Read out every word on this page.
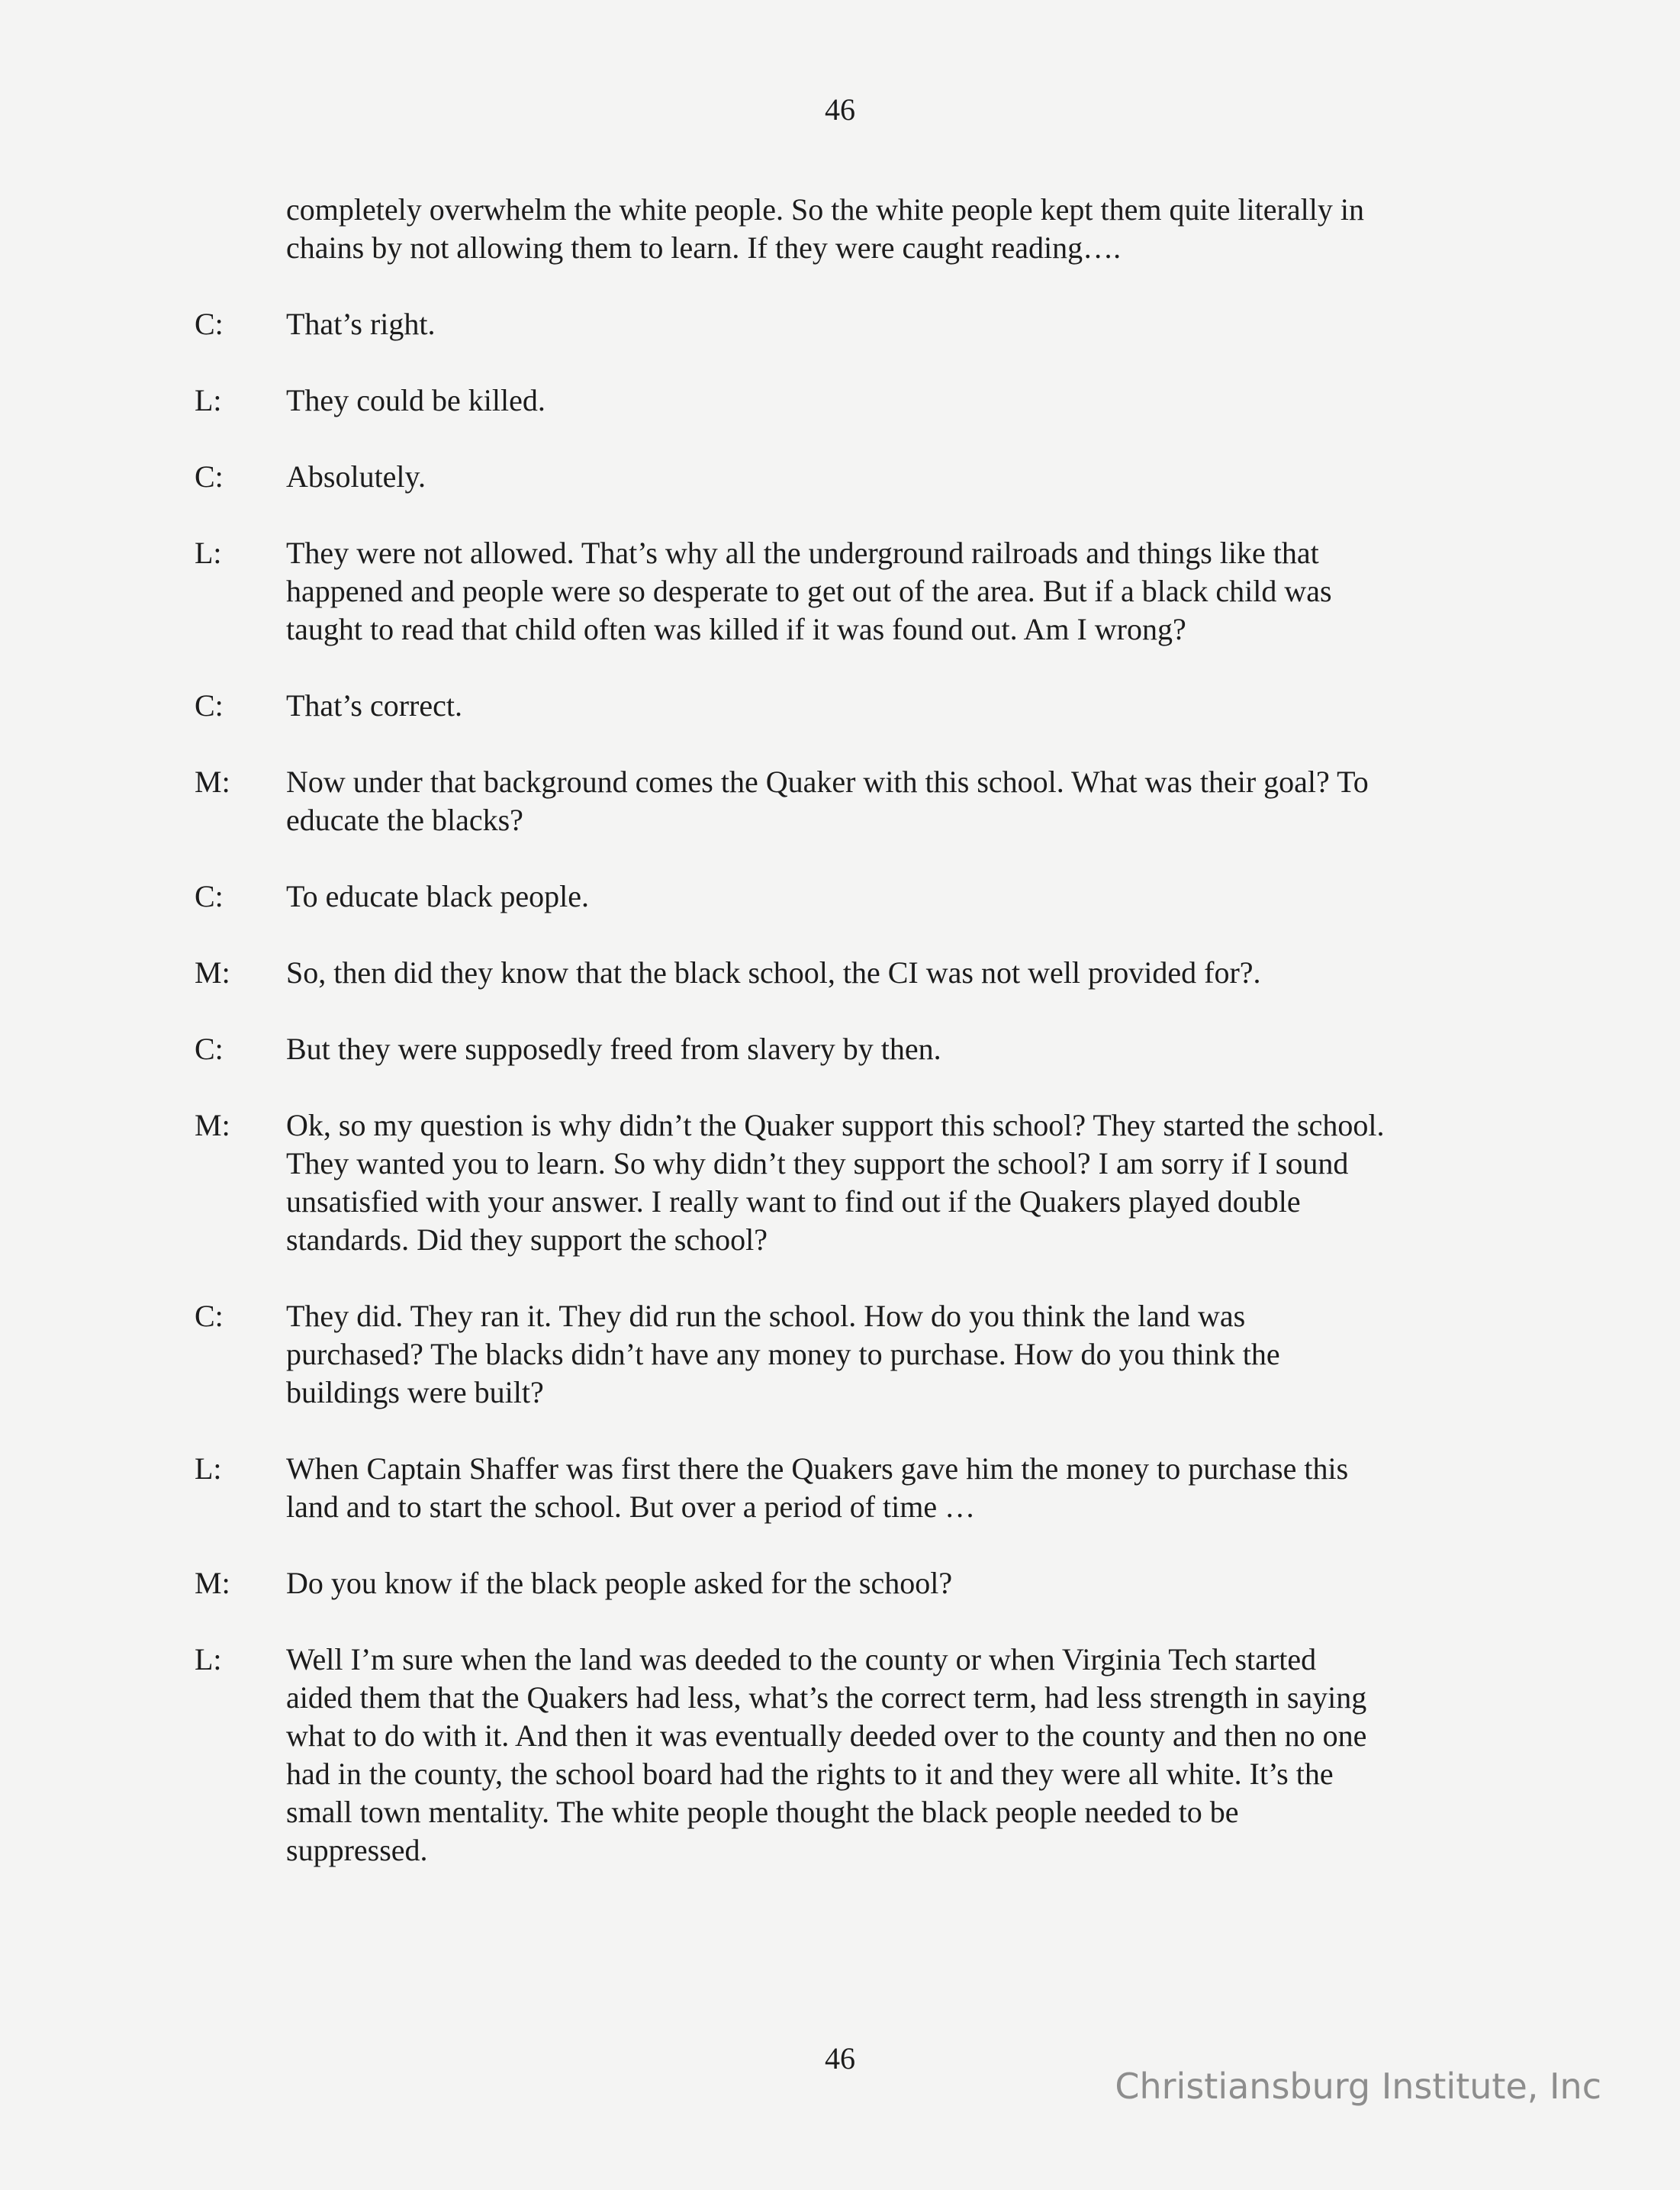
46
completely overwhelm the white people. So the white people kept them quite literally in
chains by not allowing them to learn. If they were caught reading….
C:	That’s right.
L:	They could be killed.
C:	Absolutely.
L:	They were not allowed. That’s why all the underground railroads and things like that
happened and people were so desperate to get out of the area. But if a black child was
taught to read that child often was killed if it was found out. Am I wrong?
C:	That’s correct.
M:	Now under that background comes the Quaker with this school. What was their goal? To
educate the blacks?
C:	To educate black people.
M:	So, then did they know that the black school, the CI was not well provided for?.
C:	But they were supposedly freed from slavery by then.
M:	Ok, so my question is why didn’t the Quaker support this school? They started the school.
They wanted you to learn. So why didn’t they support the school? I am sorry if I sound
unsatisfied with your answer. I really want to find out if the Quakers played double
standards. Did they support the school?
C:	They did. They ran it. They did run the school. How do you think the land was
purchased? The blacks didn’t have any money to purchase. How do you think the
buildings were built?
L:	When Captain Shaffer was first there the Quakers gave him the money to purchase this
land and to start the school. But over a period of time …
M:	Do you know if the black people asked for the school?
L:	Well I’m sure when the land was deeded to the county or when Virginia Tech started
aided them that the Quakers had less, what’s the correct term, had less strength in saying
what to do with it. And then it was eventually deeded over to the county and then no one
had in the county, the school board had the rights to it and they were all white. It’s the
small town mentality. The white people thought the black people needed to be
suppressed.
46
Christiansburg Institute, Inc
